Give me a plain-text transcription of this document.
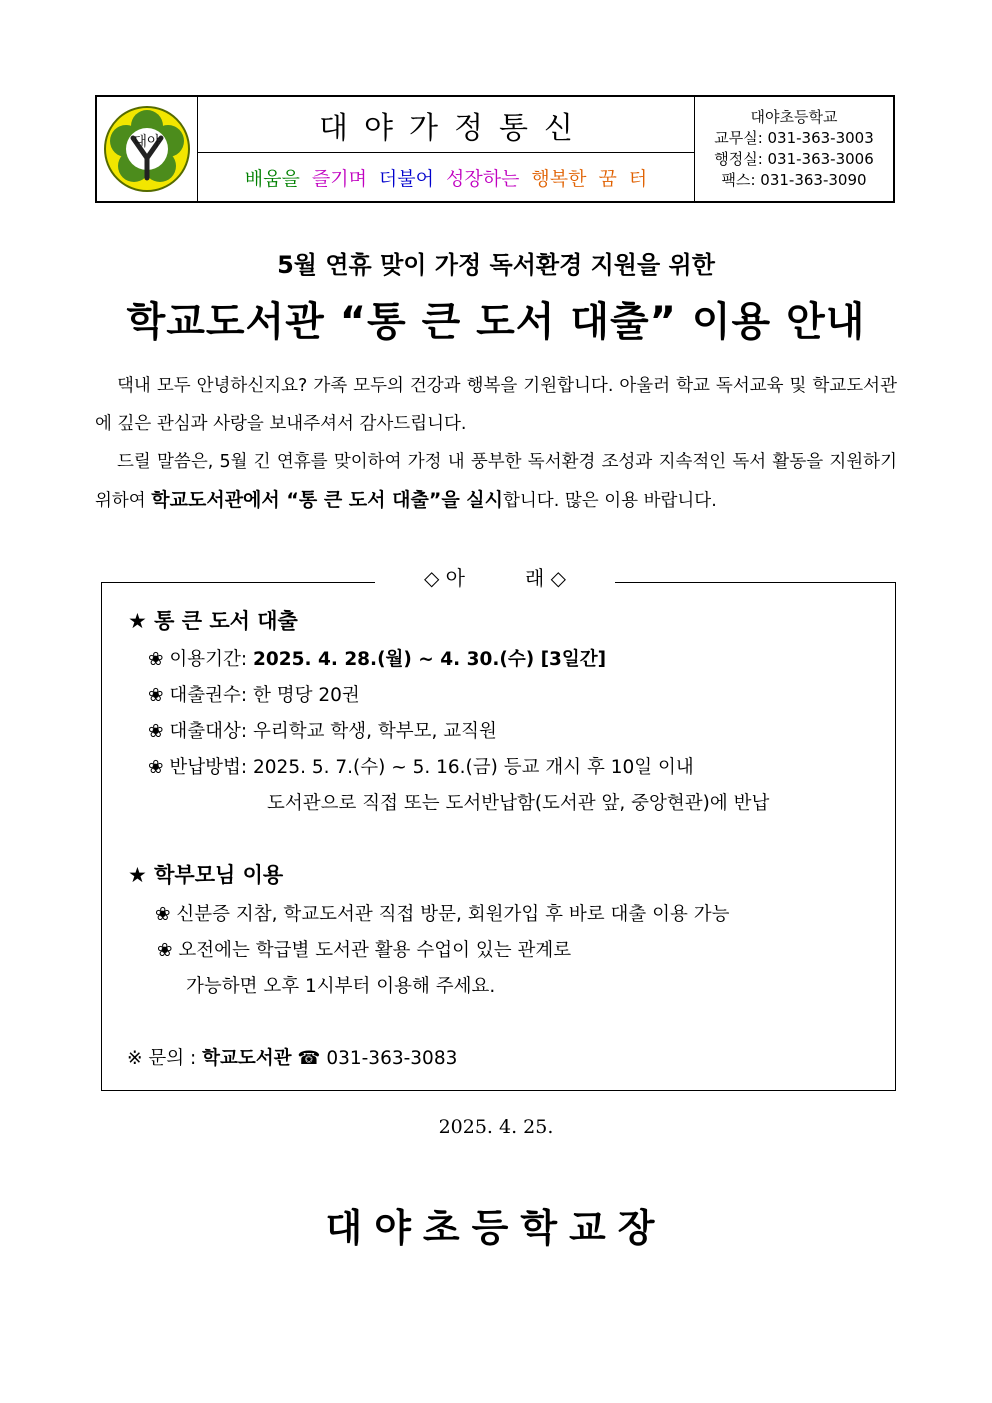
대야	대야가정통신
배움을 즐기며 더불어 성장하는 행복한 꿈 터
대야초등학교
교무실: 031-363-3003
행정실: 031-363-3006
팩스: 031-363-3090
5월 연휴 맞이 가정 독서환경 지원을 위한
학교도서관 “통 큰 도서 대출” 이용 안내
댁내 모두 안녕하신지요? 가족 모두의 건강과 행복을 기원합니다. 아울러 학교 독서교육 및 학교도서관에 깊은 관심과 사랑을 보내주셔서 감사드립니다.
드릴 말씀은, 5월 긴 연휴를 맞이하여 가정 내 풍부한 독서환경 조성과 지속적인 독서 활동을 지원하기 위하여 학교도서관에서 “통 큰 도서 대출”을 실시합니다. 많은 이용 바랍니다.
◇ 아	래 ◇
★ 통 큰 도서 대출
❀ 이용기간: 2025. 4. 28.(월) ~ 4. 30.(수) [3일간]
❀ 대출권수: 한 명당 20권
❀ 대출대상: 우리학교 학생, 학부모, 교직원
❀ 반납방법: 2025. 5. 7.(수) ~ 5. 16.(금) 등교 개시 후 10일 이내
도서관으로 직접 또는 도서반납함(도서관 앞, 중앙현관)에 반납
★ 학부모님 이용
❀ 신분증 지참, 학교도서관 직접 방문, 회원가입 후 바로 대출 이용 가능
❀ 오전에는 학급별 도서관 활용 수업이 있는 관계로
가능하면 오후 1시부터 이용해 주세요.
※ 문의 : 학교도서관 ☎ 031-363-3083
2025. 4. 25.
대야초등학교장
